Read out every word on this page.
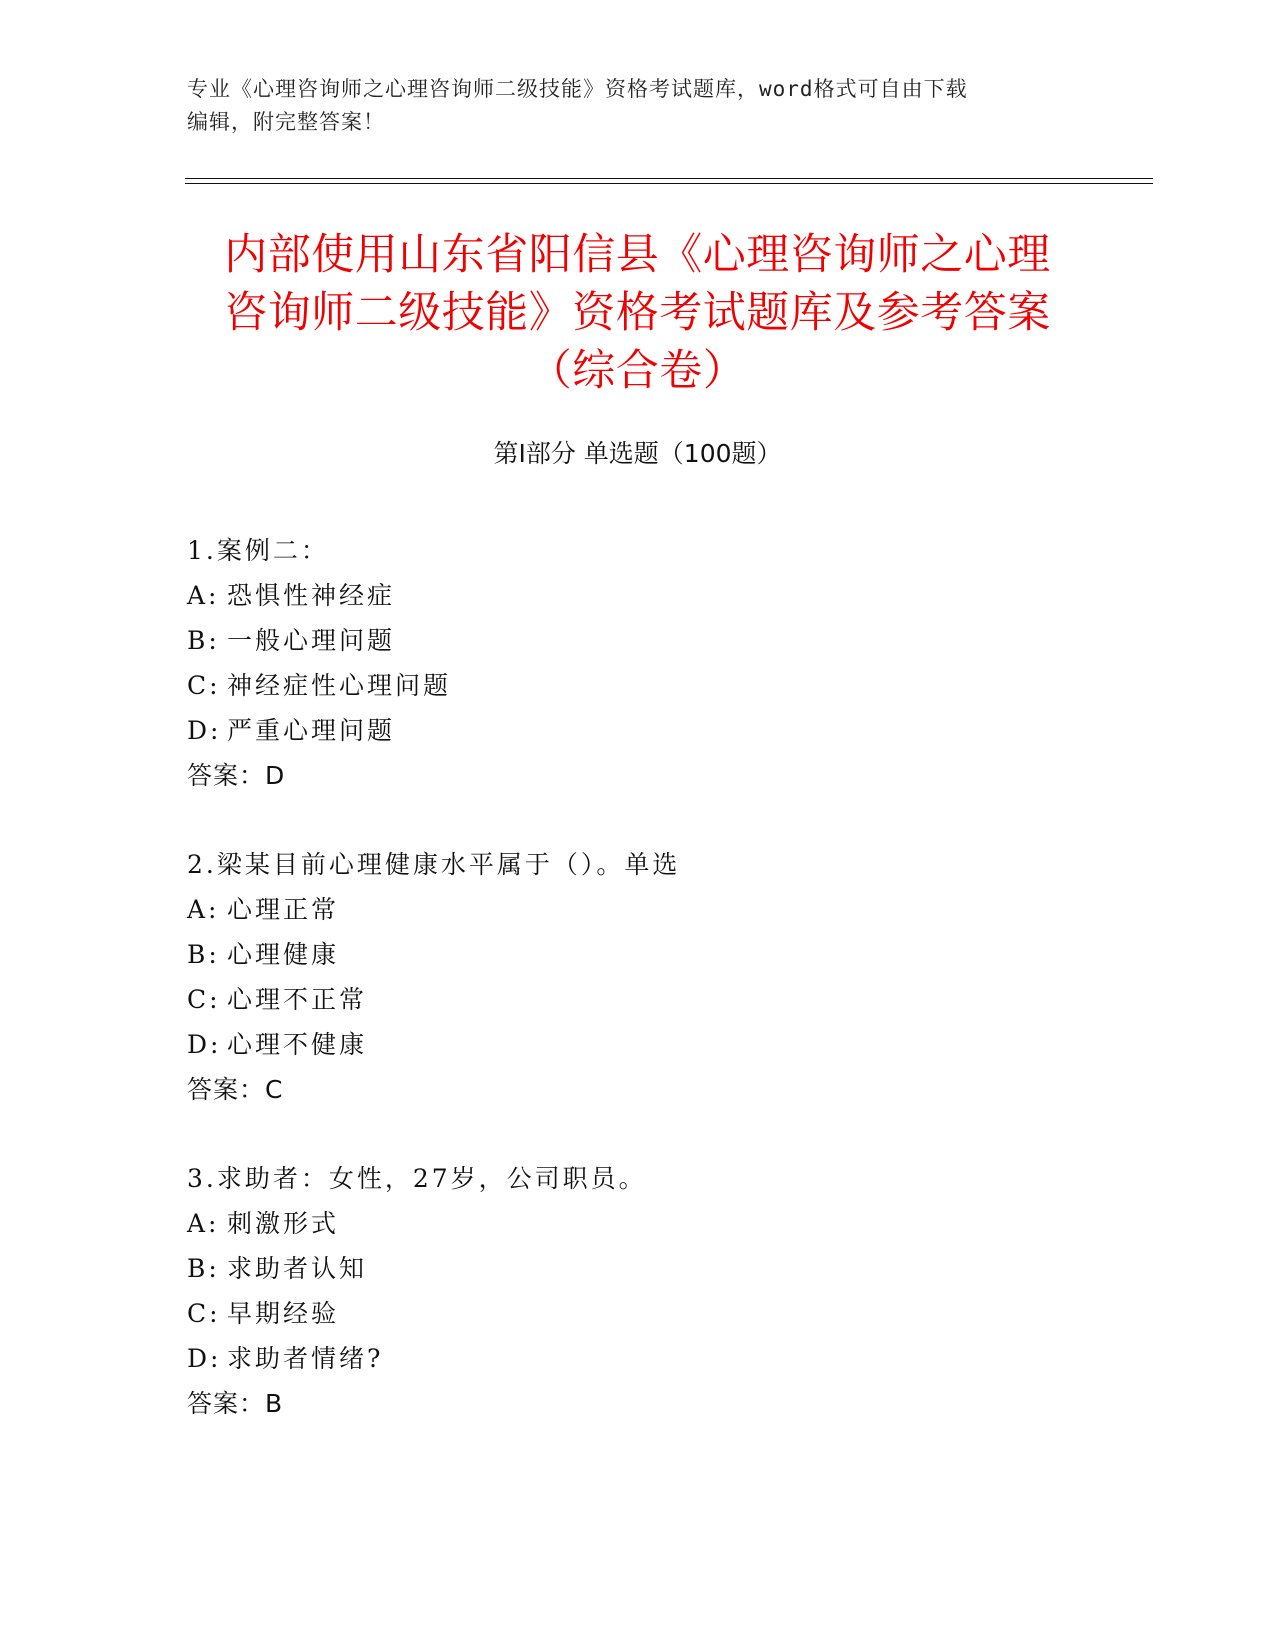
专业《心理咨询师之心理咨询师二级技能》资格考试题库，word格式可自由下载
编辑，附完整答案！
内部使用山东省阳信县《心理咨询师之心理
咨询师二级技能》资格考试题库及参考答案
（综合卷）
第Ⅰ部分 单选题（100题）
1.案例二：
A: 恐惧性神经症
B: 一般心理问题
C: 神经症性心理问题
D: 严重心理问题
答案：D
2.梁某目前心理健康水平属于（）。单选
A: 心理正常
B: 心理健康
C: 心理不正常
D: 心理不健康
答案：C
3.求助者：女性，27岁，公司职员。
A: 刺激形式
B: 求助者认知
C: 早期经验
D: 求助者情绪?
答案：B
